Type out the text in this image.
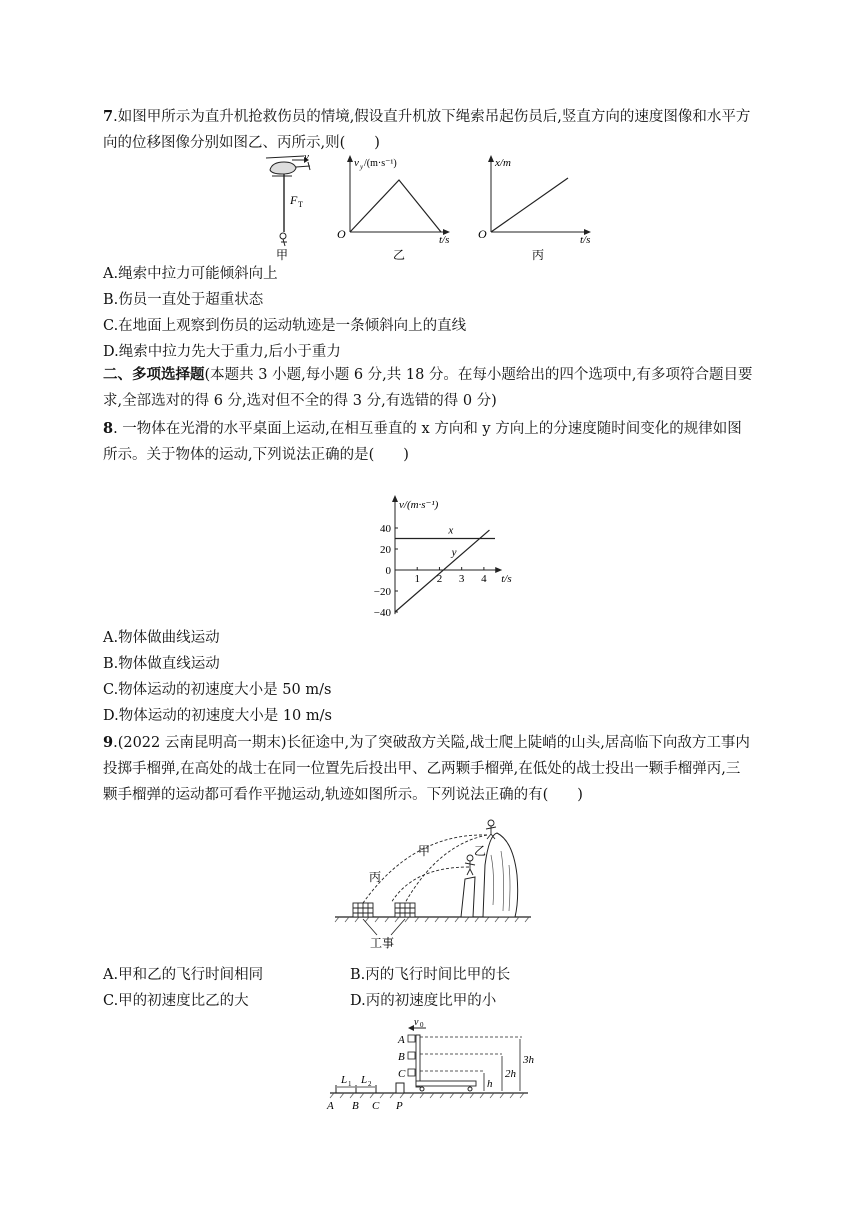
7.如图甲所示为直升机抢救伤员的情境,假设直升机放下绳索吊起伤员后,竖直方向的速度图像和水平方向的位移图像分别如图乙、丙所示,则(　　)
v
F T
甲
v y /(m·s⁻¹)
O	t/s
乙
x/m
O	t/s
丙
A.绳索中拉力可能倾斜向上
B.伤员一直处于超重状态
C.在地面上观察到伤员的运动轨迹是一条倾斜向上的直线
D.绳索中拉力先大于重力,后小于重力
二、多项选择题(本题共 3 小题,每小题 6 分,共 18 分。在每小题给出的四个选项中,有多项符合题目要求,全部选对的得 6 分,选对但不全的得 3 分,有选错的得 0 分)
8. 一物体在光滑的水平桌面上运动,在相互垂直的 x 方向和 y 方向上的分速度随时间变化的规律如图所示。关于物体的运动,下列说法正确的是(　　)
v/(m·s⁻¹)
t/s
40
20
0
−20
−40
1 2 3 4
x
y
A.物体做曲线运动
B.物体做直线运动
C.物体运动的初速度大小是 50 m/s
D.物体运动的初速度大小是 10 m/s
9.(2022 云南昆明高一期末)长征途中,为了突破敌方关隘,战士爬上陡峭的山头,居高临下向敌方工事内投掷手榴弹,在高处的战士在同一位置先后投出甲、乙两颗手榴弹,在低处的战士投出一颗手榴弹丙,三颗手榴弹的运动都可看作平抛运动,轨迹如图所示。下列说法正确的有(　　)
甲	乙
丙
工事
A.甲和乙的飞行时间相同	B.丙的飞行时间比甲的长
C.甲的初速度比乙的大	D.丙的初速度比甲的小
L 1 L 2
A
B
C
v 0
h
2h
3h
A B C P
